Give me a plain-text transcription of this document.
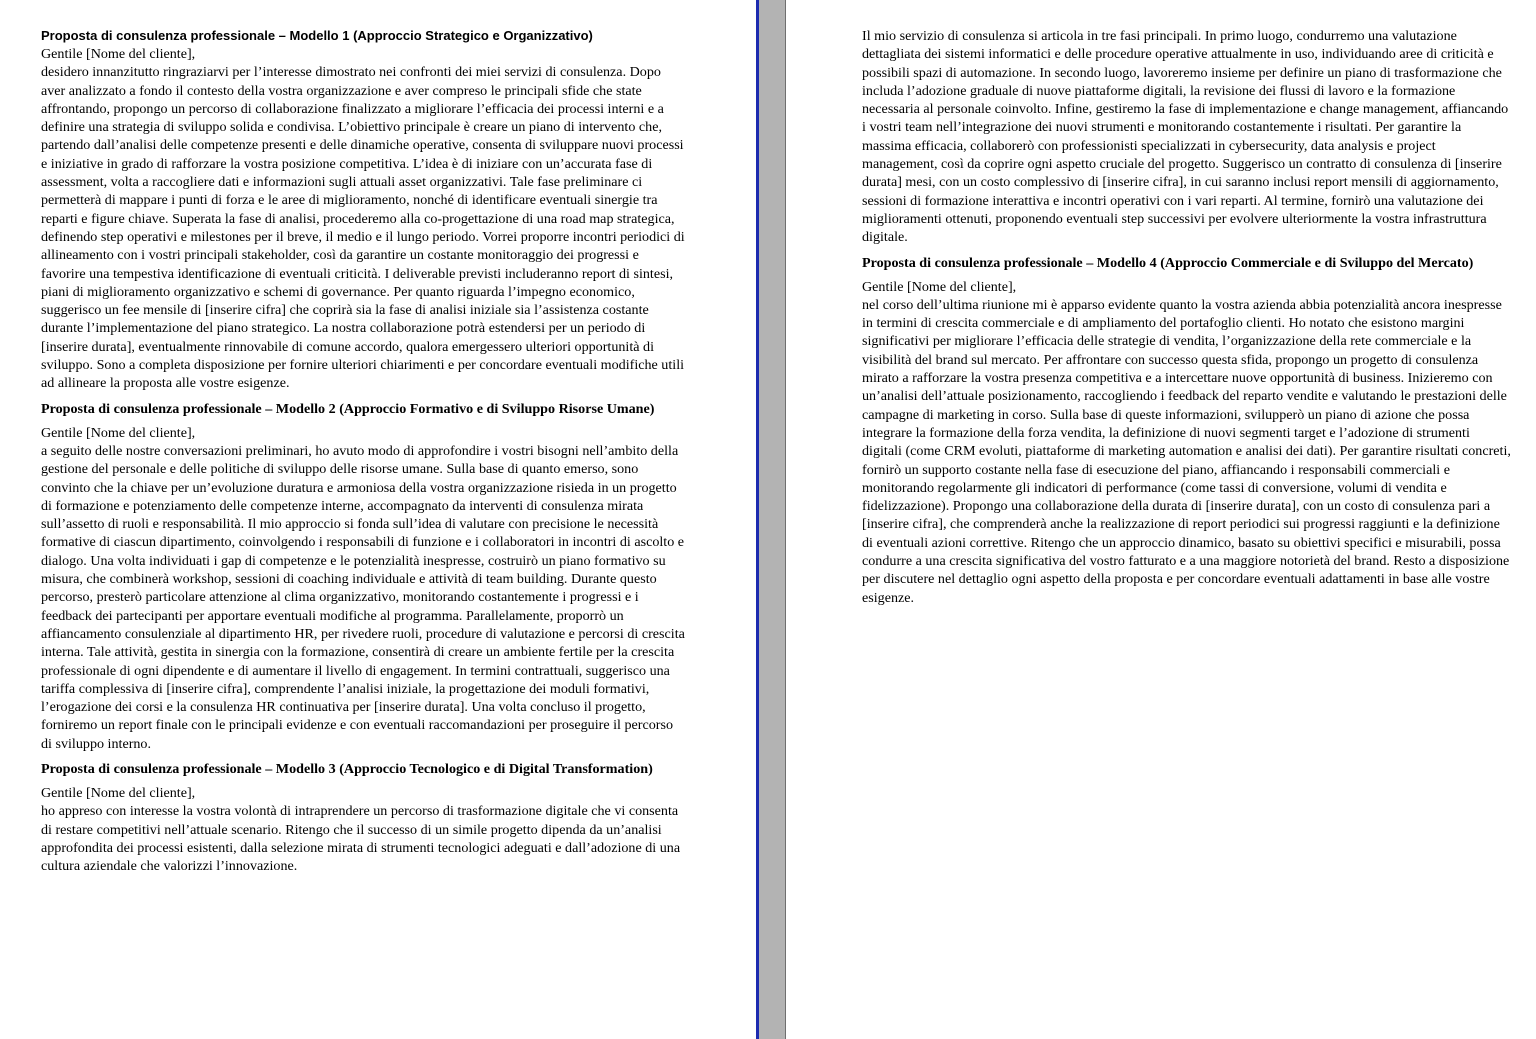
Proposta di consulenza professionale – Modello 1 (Approccio Strategico e Organizzativo)

Gentile [Nome del cliente],

desidero innanzitutto ringraziarvi per l’interesse dimostrato nei confronti dei miei servizi di consulenza. Dopo aver analizzato a fondo il contesto della vostra organizzazione e aver compreso le principali sfide che state affrontando, propongo un percorso di collaborazione finalizzato a migliorare l’efficacia dei processi interni e a definire una strategia di sviluppo solida e condivisa. L’obiettivo principale è creare un piano di intervento che, partendo dall’analisi delle competenze presenti e delle dinamiche operative, consenta di sviluppare nuovi processi e iniziative in grado di rafforzare la vostra posizione competitiva. L’idea è di iniziare con un’accurata fase di assessment, volta a raccogliere dati e informazioni sugli attuali asset organizzativi. Tale fase preliminare ci permetterà di mappare i punti di forza e le aree di miglioramento, nonché di identificare eventuali sinergie tra reparti e figure chiave. Superata la fase di analisi, procederemo alla co-progettazione di una road map strategica, definendo step operativi e milestones per il breve, il medio e il lungo periodo. Vorrei proporre incontri periodici di allineamento con i vostri principali stakeholder, così da garantire un costante monitoraggio dei progressi e favorire una tempestiva identificazione di eventuali criticità. I deliverable previsti includeranno report di sintesi, piani di miglioramento organizzativo e schemi di governance. Per quanto riguarda l’impegno economico, suggerisco un fee mensile di [inserire cifra] che coprirà sia la fase di analisi iniziale sia l’assistenza costante durante l’implementazione del piano strategico. La nostra collaborazione potrà estendersi per un periodo di [inserire durata], eventualmente rinnovabile di comune accordo, qualora emergessero ulteriori opportunità di sviluppo. Sono a completa disposizione per fornire ulteriori chiarimenti e per concordare eventuali modifiche utili ad allineare la proposta alle vostre esigenze.

Proposta di consulenza professionale – Modello 2 (Approccio Formativo e di Sviluppo Risorse Umane)

Gentile [Nome del cliente],

a seguito delle nostre conversazioni preliminari, ho avuto modo di approfondire i vostri bisogni nell’ambito della gestione del personale e delle politiche di sviluppo delle risorse umane. Sulla base di quanto emerso, sono convinto che la chiave per un’evoluzione duratura e armoniosa della vostra organizzazione risieda in un progetto di formazione e potenziamento delle competenze interne, accompagnato da interventi di consulenza mirata sull’assetto di ruoli e responsabilità. Il mio approccio si fonda sull’idea di valutare con precisione le necessità formative di ciascun dipartimento, coinvolgendo i responsabili di funzione e i collaboratori in incontri di ascolto e dialogo. Una volta individuati i gap di competenze e le potenzialità inespresse, costruirò un piano formativo su misura, che combinerà workshop, sessioni di coaching individuale e attività di team building. Durante questo percorso, presterò particolare attenzione al clima organizzativo, monitorando costantemente i progressi e i feedback dei partecipanti per apportare eventuali modifiche al programma. Parallelamente, proporrò un affiancamento consulenziale al dipartimento HR, per rivedere ruoli, procedure di valutazione e percorsi di crescita interna. Tale attività, gestita in sinergia con la formazione, consentirà di creare un ambiente fertile per la crescita professionale di ogni dipendente e di aumentare il livello di engagement. In termini contrattuali, suggerisco una tariffa complessiva di [inserire cifra], comprendente l’analisi iniziale, la progettazione dei moduli formativi, l’erogazione dei corsi e la consulenza HR continuativa per [inserire durata]. Una volta concluso il progetto, forniremo un report finale con le principali evidenze e con eventuali raccomandazioni per proseguire il percorso di sviluppo interno.

Proposta di consulenza professionale – Modello 3 (Approccio Tecnologico e di Digital Transformation)

Gentile [Nome del cliente],

ho appreso con interesse la vostra volontà di intraprendere un percorso di trasformazione digitale che vi consenta di restare competitivi nell’attuale scenario. Ritengo che il successo di un simile progetto dipenda da un’analisi approfondita dei processi esistenti, dalla selezione mirata di strumenti tecnologici adeguati e dall’adozione di una cultura aziendale che valorizzi l’innovazione.

Il mio servizio di consulenza si articola in tre fasi principali. In primo luogo, condurremo una valutazione dettagliata dei sistemi informatici e delle procedure operative attualmente in uso, individuando aree di criticità e possibili spazi di automazione. In secondo luogo, lavoreremo insieme per definire un piano di trasformazione che includa l’adozione graduale di nuove piattaforme digitali, la revisione dei flussi di lavoro e la formazione necessaria al personale coinvolto. Infine, gestiremo la fase di implementazione e change management, affiancando i vostri team nell’integrazione dei nuovi strumenti e monitorando costantemente i risultati. Per garantire la massima efficacia, collaborerò con professionisti specializzati in cybersecurity, data analysis e project management, così da coprire ogni aspetto cruciale del progetto. Suggerisco un contratto di consulenza di [inserire durata] mesi, con un costo complessivo di [inserire cifra], in cui saranno inclusi report mensili di aggiornamento, sessioni di formazione interattiva e incontri operativi con i vari reparti. Al termine, fornirò una valutazione dei miglioramenti ottenuti, proponendo eventuali step successivi per evolvere ulteriormente la vostra infrastruttura digitale.

Proposta di consulenza professionale – Modello 4 (Approccio Commerciale e di Sviluppo del Mercato)

Gentile [Nome del cliente],

nel corso dell’ultima riunione mi è apparso evidente quanto la vostra azienda abbia potenzialità ancora inespresse in termini di crescita commerciale e di ampliamento del portafoglio clienti. Ho notato che esistono margini significativi per migliorare l’efficacia delle strategie di vendita, l’organizzazione della rete commerciale e la visibilità del brand sul mercato. Per affrontare con successo questa sfida, propongo un progetto di consulenza mirato a rafforzare la vostra presenza competitiva e a intercettare nuove opportunità di business. Inizieremo con un’analisi dell’attuale posizionamento, raccogliendo i feedback del reparto vendite e valutando le prestazioni delle campagne di marketing in corso. Sulla base di queste informazioni, svilupperò un piano di azione che possa integrare la formazione della forza vendita, la definizione di nuovi segmenti target e l’adozione di strumenti digitali (come CRM evoluti, piattaforme di marketing automation e analisi dei dati). Per garantire risultati concreti, fornirò un supporto costante nella fase di esecuzione del piano, affiancando i responsabili commerciali e monitorando regolarmente gli indicatori di performance (come tassi di conversione, volumi di vendita e fidelizzazione). Propongo una collaborazione della durata di [inserire durata], con un costo di consulenza pari a [inserire cifra], che comprenderà anche la realizzazione di report periodici sui progressi raggiunti e la definizione di eventuali azioni correttive. Ritengo che un approccio dinamico, basato su obiettivi specifici e misurabili, possa condurre a una crescita significativa del vostro fatturato e a una maggiore notorietà del brand. Resto a disposizione per discutere nel dettaglio ogni aspetto della proposta e per concordare eventuali adattamenti in base alle vostre esigenze.
